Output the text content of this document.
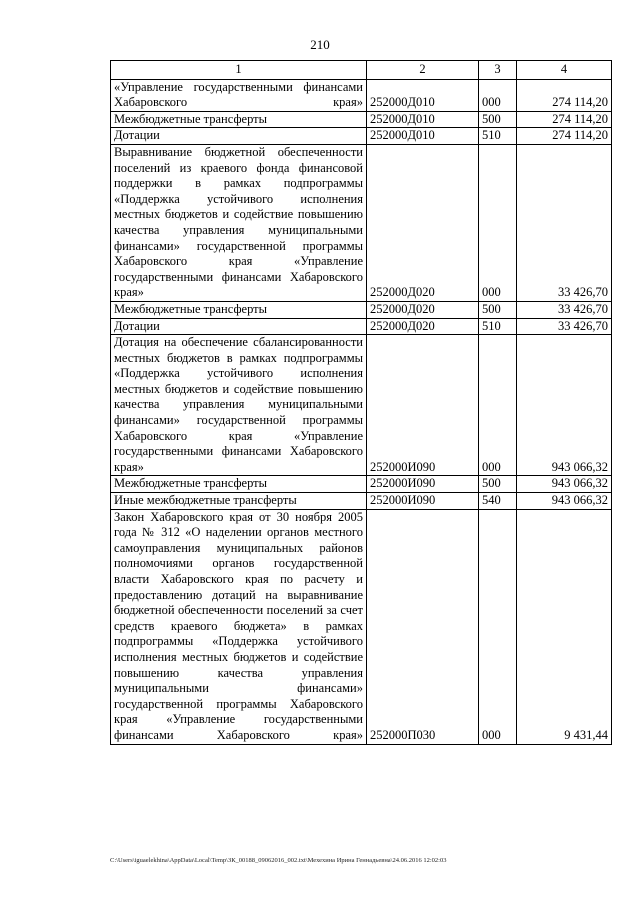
210
1	2	3	4
«Управление государственными финансами Хабаровского края»	252000Д010	000	274 114,20
Межбюджетные трансферты	252000Д010	500	274 114,20
Дотации	252000Д010	510	274 114,20
Выравнивание бюджетной обеспеченности поселений из краевого фонда финансовой поддержки в рамках подпрограммы «Поддержка устойчивого исполнения местных бюджетов и содействие повышению качества управления муниципальными финансами» государственной программы Хабаровского края «Управление государственными финансами Хабаровского края»	252000Д020	000	33 426,70
Межбюджетные трансферты	252000Д020	500	33 426,70
Дотации	252000Д020	510	33 426,70
Дотация на обеспечение сбалансированности местных бюджетов в рамках подпрограммы «Поддержка устойчивого исполнения местных бюджетов и содействие повышению качества управления муниципальными финансами» государственной программы Хабаровского края «Управление государственными финансами Хабаровского края»	252000И090	000	943 066,32
Межбюджетные трансферты	252000И090	500	943 066,32
Иные межбюджетные трансферты	252000И090	540	943 066,32
Закон Хабаровского края от 30 ноября 2005 года № 312 «О наделении органов местного самоуправления муниципальных районов полномочиями органов государственной власти Хабаровского края по расчету и предоставлению дотаций на выравнивание бюджетной обеспеченности поселений за счет средств краевого бюджета» в рамках подпрограммы «Поддержка устойчивого исполнения местных бюджетов и содействие повышению качества управления муниципальными финансами» государственной программы Хабаровского края «Управление государственными финансами Хабаровского края»	252000П030	000	9 431,44
C:\Users\iguaelekhina\AppData\Local\Temp\ЗК_00188_09062016_002.txt\Мехехина Ирина Геннадьевна\24.06.2016 12:02:03
